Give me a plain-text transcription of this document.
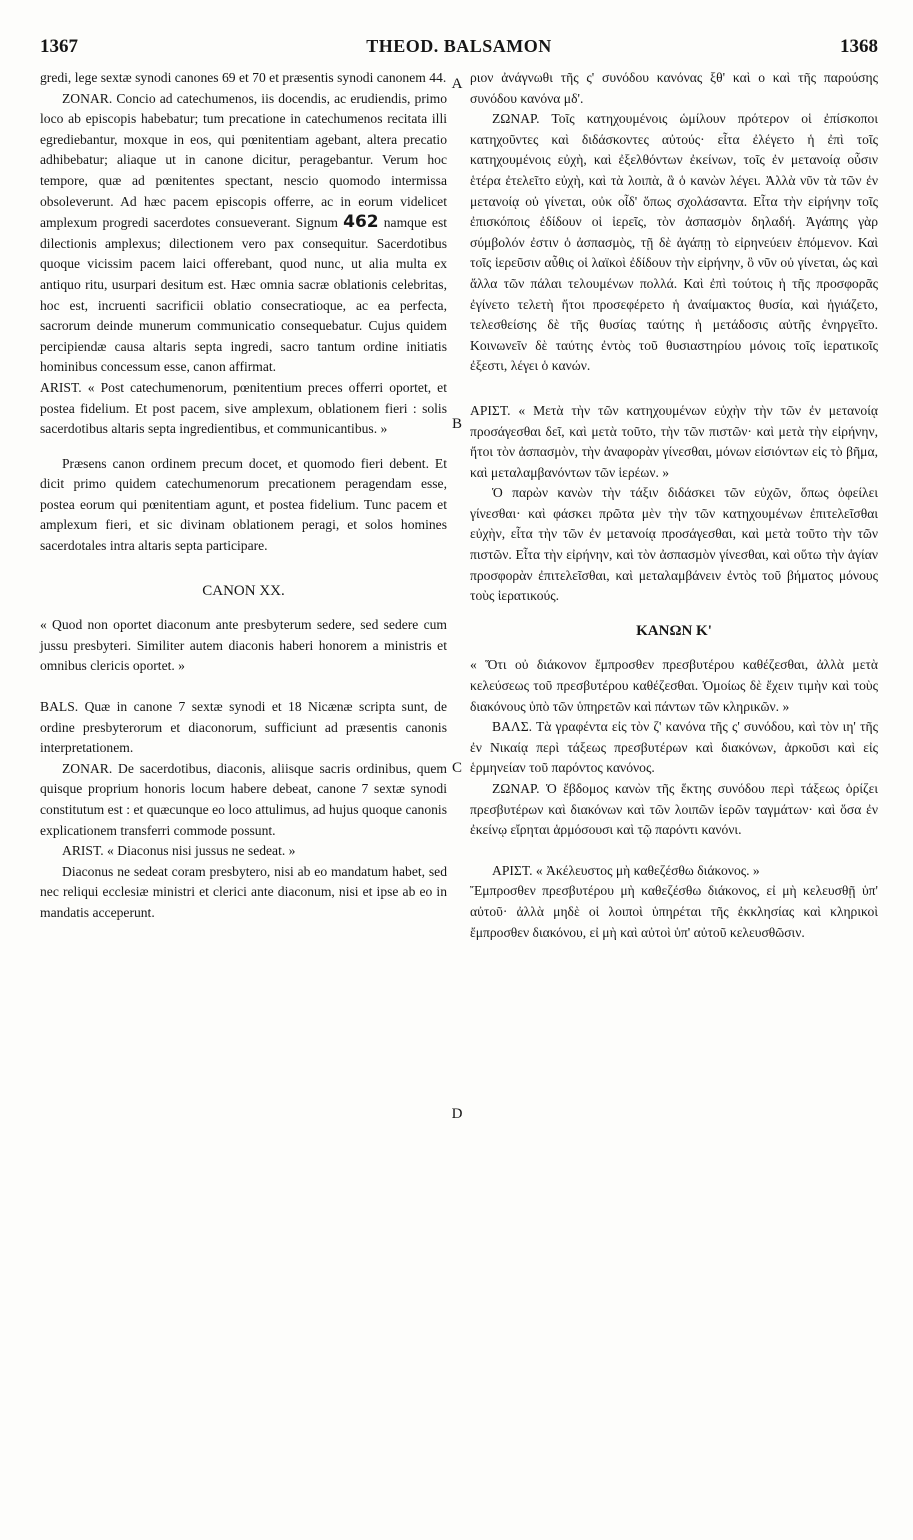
1367	THEOD. BALSAMON	1368
A
B
C
D

gredi, lege sextæ synodi canones 69 et 70 et præsentis synodi canonem 44.

ZONAR. Concio ad catechumenos, iis docendis, ac erudiendis, primo loco ab episcopis habebatur; tum precatione in catechumenos recitata illi egrediebantur, moxque in eos, qui pœnitentiam agebant, altera precatio adhibebatur; aliaque ut in canone dicitur, peragebantur. Verum hoc tempore, quæ ad pœnitentes spectant, nescio quomodo intermissa obsoleverunt. Ad hæc pacem episcopis offerre, ac in eorum videlicet amplexum progredi sacerdotes consueverant. Signum 462 namque est dilectionis amplexus; dilectionem vero pax consequitur. Sacerdotibus quoque vicissim pacem laici offerebant, quod nunc, ut alia multa ex antiquo ritu, usurpari desitum est. Hæc omnia sacræ oblationis celebritas, hoc est, incruenti sacrificii oblatio consecratioque, ac ea perfecta, sacrorum deinde munerum communicatio consequebatur. Cujus quidem percipiendæ causa altaris septa ingredi, sacro tantum ordine initiatis hominibus concessum esse, canon affirmat.

ARIST. « Post catechumenorum, pœnitentium preces offerri oportet, et postea fidelium. Et post pacem, sive amplexum, oblationem fieri : solis sacerdotibus altaris septa ingredientibus, et communicantibus. »

Præsens canon ordinem precum docet, et quomodo fieri debent. Et dicit primo quidem catechumenorum precationem peragendam esse, postea eorum qui pœnitentiam agunt, et postea fidelium. Tunc pacem et amplexum fieri, et sic divinam oblationem peragi, et solos homines sacerdotales intra altaris septa participare.

CANON XX.

« Quod non oportet diaconum ante presbyterum sedere, sed sedere cum jussu presbyteri. Similiter autem diaconis haberi honorem a ministris et omnibus clericis oportet. »

BALS. Quæ in canone 7 sextæ synodi et 18 Nicænæ scripta sunt, de ordine presbyterorum et diaconorum, sufficiunt ad præsentis canonis interpretationem.

ZONAR. De sacerdotibus, diaconis, aliisque sacris ordinibus, quem quisque proprium honoris locum habere debeat, canone 7 sextæ synodi constitutum est : et quæcunque eo loco attulimus, ad hujus quoque canonis explicationem transferri commode possunt.

ARIST. « Diaconus nisi jussus ne sedeat. »

Diaconus ne sedeat coram presbytero, nisi ab eo mandatum habet, sed nec reliqui ecclesiæ ministri et clerici ante diaconum, nisi et ipse ab eo in mandatis acceperunt.

ριον ἀνάγνωθι τῆς ς' συνόδου κανόνας ξθ' καὶ ο καὶ τῆς παρούσης συνόδου κανόνα μδ'.

ΖΩΝΑΡ. Τοῖς κατηχουμένοις ὡμίλουν πρότερον οἱ ἐπίσκοποι κατηχοῦντες καὶ διδάσκοντες αὐτούς· εἶτα ἐλέγετο ἡ ἐπὶ τοῖς κατηχουμένοις εὐχὴ, καὶ ἐξελθόντων ἐκείνων, τοῖς ἐν μετανοίᾳ οὖσιν ἑτέρα ἐτελεῖτο εὐχὴ, καὶ τὰ λοιπὰ, ἃ ὁ κανὼν λέγει. Ἀλλὰ νῦν τὰ τῶν ἐν μετανοίᾳ οὐ γίνεται, οὐκ οἶδ' ὅπως σχολάσαντα. Εἶτα τὴν εἰρήνην τοῖς ἐπισκόποις ἐδίδουν οἱ ἱερεῖς, τὸν ἀσπασμὸν δηλαδή. Ἀγάπης γὰρ σύμβολόν ἐστιν ὁ ἀσπασμὸς, τῇ δὲ ἀγάπῃ τὸ εἰρηνεύειν ἑπόμενον. Καὶ τοῖς ἱερεῦσιν αὖθις οἱ λαϊκοὶ ἐδίδουν τὴν εἰρήνην, ὃ νῦν οὐ γίνεται, ὡς καὶ ἄλλα τῶν πάλαι τελουμένων πολλά. Καὶ ἐπὶ τούτοις ἡ τῆς προσφορᾶς ἐγίνετο τελετὴ ἤτοι προσεφέρετο ἡ ἀναίμακτος θυσία, καὶ ἡγιάζετο, τελεσθείσης δὲ τῆς θυσίας ταύτης ἡ μετάδοσις αὐτῆς ἐνηργεῖτο. Κοινωνεῖν δὲ ταύτης ἐντὸς τοῦ θυσιαστηρίου μόνοις τοῖς ἱερατικοῖς ἐξεστι, λέγει ὁ κανών.

ΑΡΙΣΤ. « Μετὰ τὴν τῶν κατηχουμένων εὐχὴν τὴν τῶν ἐν μετανοίᾳ προσάγεσθαι δεῖ, καὶ μετὰ τοῦτο, τὴν τῶν πιστῶν· καὶ μετὰ τὴν εἰρήνην, ἤτοι τὸν ἀσπασμὸν, τὴν ἀναφορὰν γίνεσθαι, μόνων εἰσιόντων εἰς τὸ βῆμα, καὶ μεταλαμβανόντων τῶν ἱερέων. »

Ὁ παρὼν κανὼν τὴν τάξιν διδάσκει τῶν εὐχῶν, ὅπως ὀφείλει γίνεσθαι· καὶ φάσκει πρῶτα μὲν τὴν τῶν κατηχουμένων ἐπιτελεῖσθαι εὐχὴν, εἶτα τὴν τῶν ἐν μετανοίᾳ προσάγεσθαι, καὶ μετὰ τοῦτο τὴν τῶν πιστῶν. Εἶτα τὴν εἰρήνην, καὶ τὸν ἀσπασμὸν γίνεσθαι, καὶ οὕτω τὴν ἁγίαν προσφορὰν ἐπιτελεῖσθαι, καὶ μεταλαμβάνειν ἐντὸς τοῦ βήματος μόνους τοὺς ἱερατικούς.

ΚΑΝΩΝ Κ'

« Ὅτι οὐ διάκονον ἔμπροσθεν πρεσβυτέρου καθέζεσθαι, ἀλλὰ μετὰ κελεύσεως τοῦ πρεσβυτέρου καθέζεσθαι. Ὁμοίως δὲ ἔχειν τιμὴν καὶ τοὺς διακόνους ὑπὸ τῶν ὑπηρετῶν καὶ πάντων τῶν κληρικῶν. »

ΒΑΛΣ. Τὰ γραφέντα εἰς τὸν ζ' κανόνα τῆς ς' συνόδου, καὶ τὸν ιη' τῆς ἐν Νικαίᾳ περὶ τάξεως πρεσβυτέρων καὶ διακόνων, ἀρκοῦσι καὶ εἰς ἑρμηνείαν τοῦ παρόντος κανόνος.

ΖΩΝΑΡ. Ὁ ἕβδομος κανὼν τῆς ἕκτης συνόδου περὶ τάξεως ὁρίζει πρεσβυτέρων καὶ διακόνων καὶ τῶν λοιπῶν ἱερῶν ταγμάτων· καὶ ὅσα ἐν ἐκείνῳ εἴρηται ἁρμόσουσι καὶ τῷ παρόντι κανόνι.

ΑΡΙΣΤ. « Ἀκέλευστος μὴ καθεζέσθω διάκονος. »

Ἔμπροσθεν πρεσβυτέρου μὴ καθεζέσθω διάκονος, εἰ μὴ κελευσθῇ ὑπ' αὐτοῦ· ἀλλὰ μηδὲ οἱ λοιποὶ ὑπηρέται τῆς ἐκκλησίας καὶ κληρικοὶ ἔμπροσθεν διακόνου, εἰ μὴ καὶ αὐτοὶ ὑπ' αὐτοῦ κελευσθῶσιν.
